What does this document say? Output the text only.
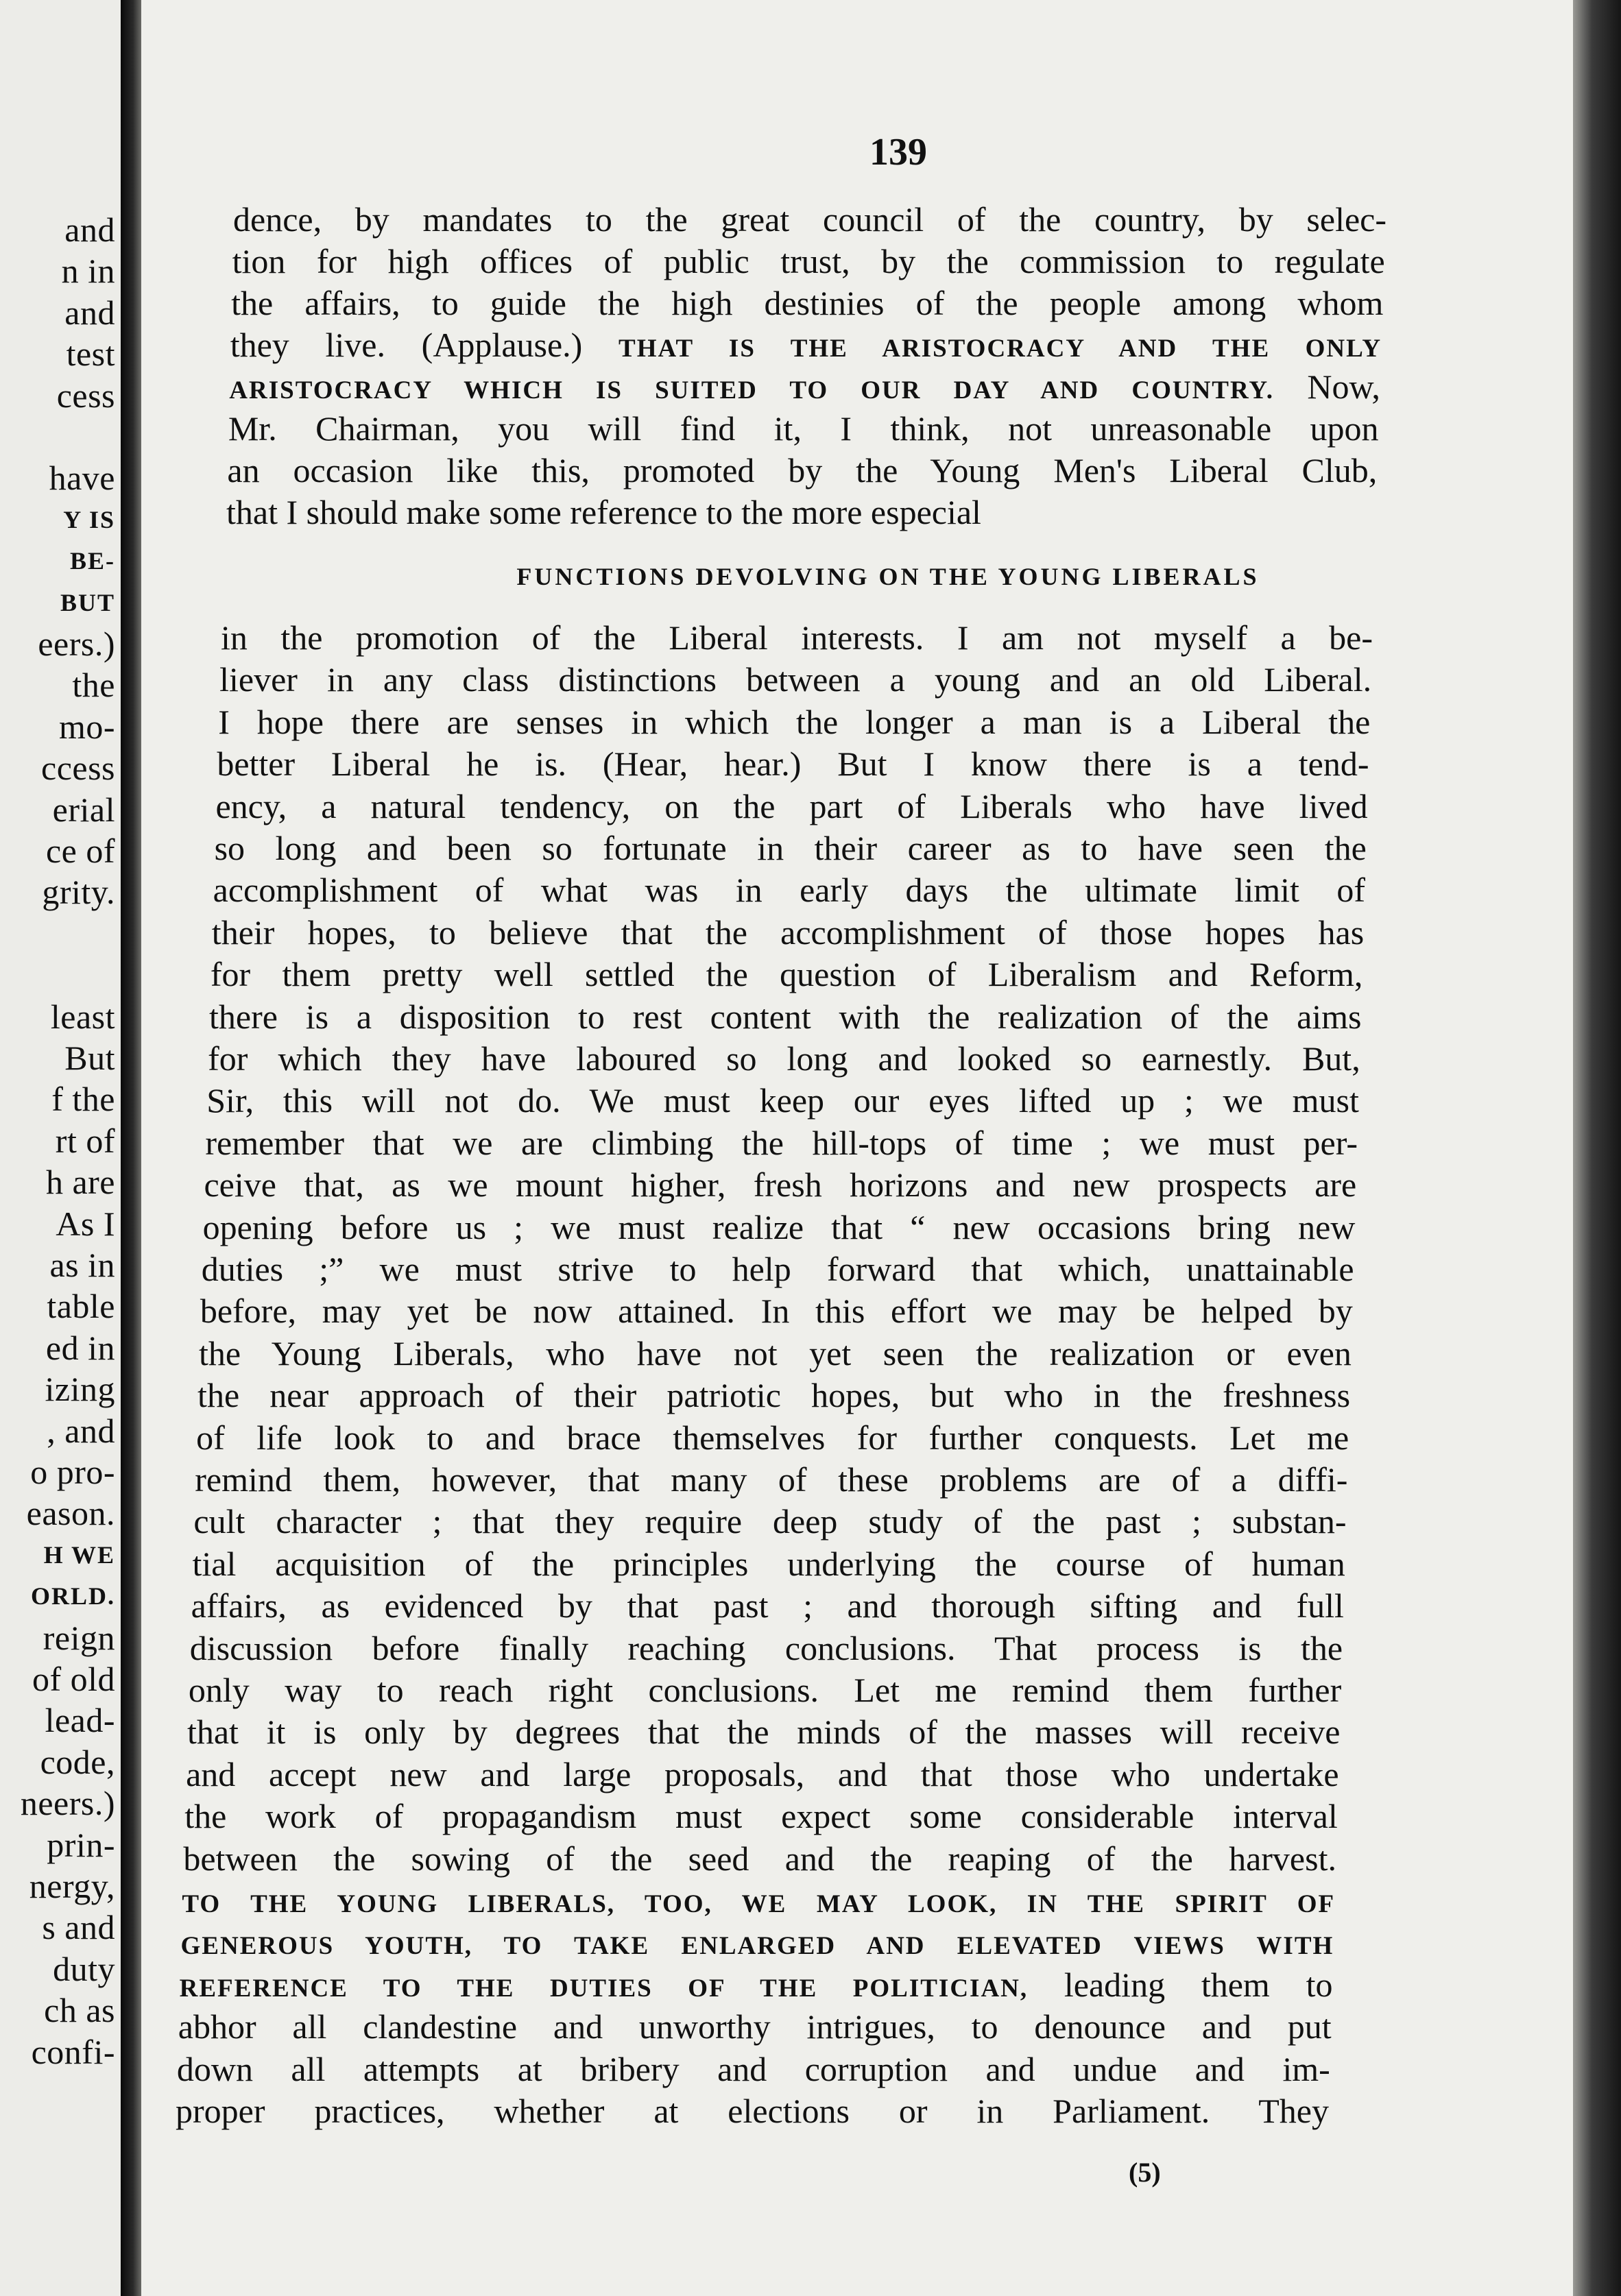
and
n in
and
test
cess
have
Y IS
BE-
BUT
eers.)
the
mo-
ccess
erial
ce of
grity.
least
But
f the
rt of
h are
As I
as in
table
ed in
izing
, and
o pro-
eason.
H WE
ORLD.
reign
of old
lead-
code,
neers.)
prin-
nergy,
s and
duty
ch as
confi-
139
dence, by mandates to the great council of the country, by selec-
tion for high offices of public trust, by the commission to regulate
the affairs, to guide the high destinies of the people among whom
they live. (Applause.) THAT IS THE ARISTOCRACY AND THE ONLY
ARISTOCRACY WHICH IS SUITED TO OUR DAY AND COUNTRY. Now,
Mr. Chairman, you will find it, I think, not unreasonable upon
an occasion like this, promoted by the Young Men's Liberal Club,
that I should make some reference to the more especial
FUNCTIONS DEVOLVING ON THE YOUNG LIBERALS
in the promotion of the Liberal interests. I am not myself a be-
liever in any class distinctions between a young and an old Liberal.
I hope there are senses in which the longer a man is a Liberal the
better Liberal he is. (Hear, hear.) But I know there is a tend-
ency, a natural tendency, on the part of Liberals who have lived
so long and been so fortunate in their career as to have seen the
accomplishment of what was in early days the ultimate limit of
their hopes, to believe that the accomplishment of those hopes has
for them pretty well settled the question of Liberalism and Reform,
there is a disposition to rest content with the realization of the aims
for which they have laboured so long and looked so earnestly. But,
Sir, this will not do. We must keep our eyes lifted up ; we must
remember that we are climbing the hill-tops of time ; we must per-
ceive that, as we mount higher, fresh horizons and new prospects are
opening before us ; we must realize that “ new occasions bring new
duties ;” we must strive to help forward that which, unattainable
before, may yet be now attained. In this effort we may be helped by
the Young Liberals, who have not yet seen the realization or even
the near approach of their patriotic hopes, but who in the freshness
of life look to and brace themselves for further conquests. Let me
remind them, however, that many of these problems are of a diffi-
cult character ; that they require deep study of the past ; substan-
tial acquisition of the principles underlying the course of human
affairs, as evidenced by that past ; and thorough sifting and full
discussion before finally reaching conclusions. That process is the
only way to reach right conclusions. Let me remind them further
that it is only by degrees that the minds of the masses will receive
and accept new and large proposals, and that those who undertake
the work of propagandism must expect some considerable interval
between the sowing of the seed and the reaping of the harvest.
TO THE YOUNG LIBERALS, TOO, WE MAY LOOK, IN THE SPIRIT OF
GENEROUS YOUTH, TO TAKE ENLARGED AND ELEVATED VIEWS WITH
REFERENCE TO THE DUTIES OF THE POLITICIAN, leading them to
abhor all clandestine and unworthy intrigues, to denounce and put
down all attempts at bribery and corruption and undue and im-
proper practices, whether at elections or in Parliament. They
(5)
